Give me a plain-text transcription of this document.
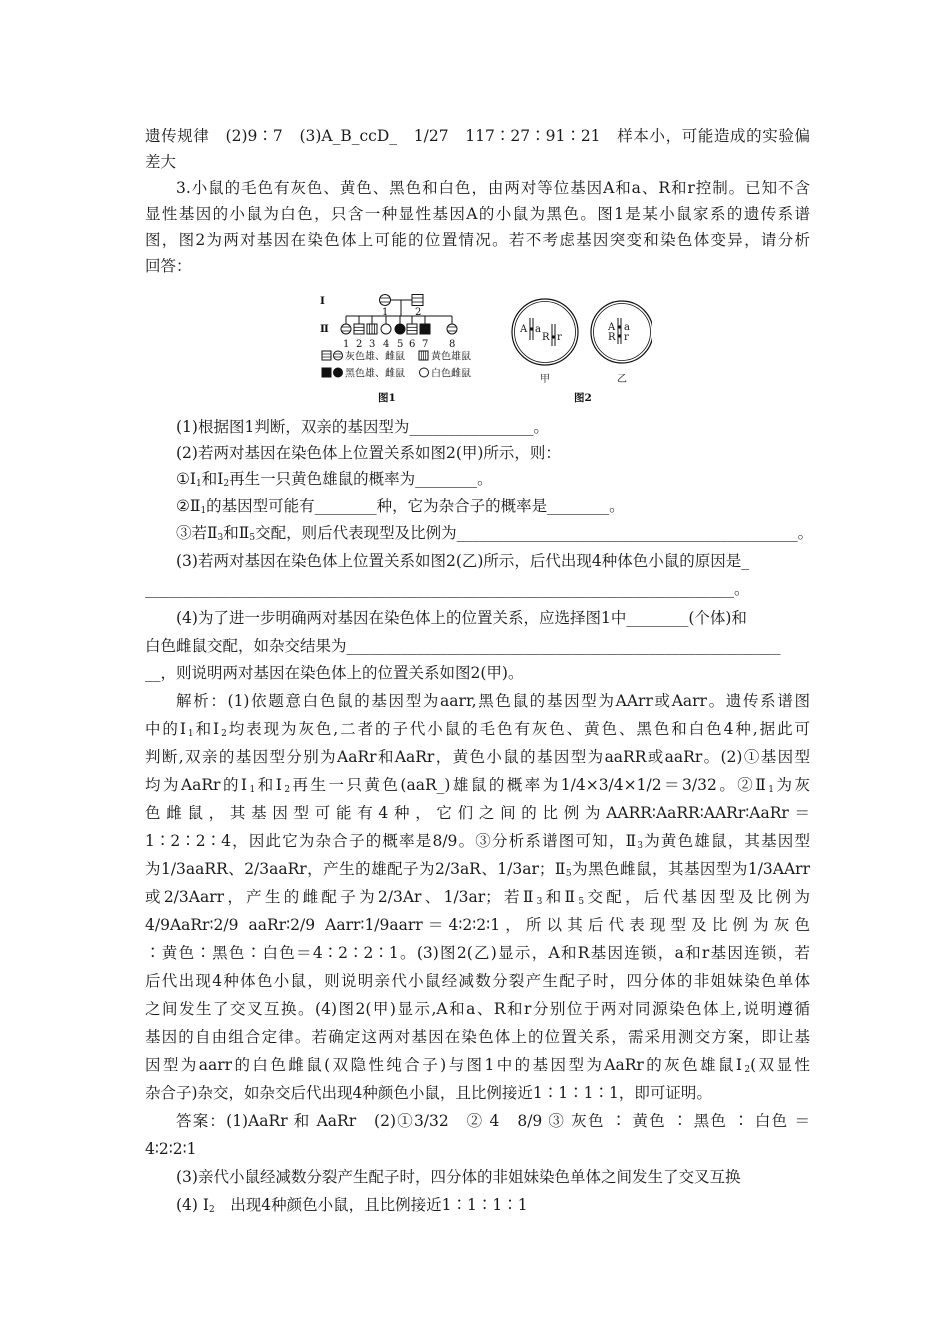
遗传规律　(2)9∶7　(3)A_B_ccD_　1/27　117∶27∶91∶21　样本小，可能造成的实验偏
差大
3.小鼠的毛色有灰色、黄色、黑色和白色，由两对等位基因A和a、R和r控制。已知不含
显性基因的小鼠为白色，只含一种显性基因A的小鼠为黑色。图1是某小鼠家系的遗传系谱
图，图2为两对基因在染色体上可能的位置情况。若不考虑基因突变和染色体变异，请分析
回答：
Ⅰ
Ⅱ
1	2
1 2 3 4 5 6 7 8
灰色雄、雌鼠	黄色雄鼠
黑色雄、雌鼠	白色雌鼠
图1
A a
R r
甲
A a
R r
乙
图2
(1)根据图1判断，双亲的基因型为________________。
(2)若两对基因在染色体上位置关系如图2(甲)所示，则：
$①Ⅰ_1$和$Ⅰ_2$再生一只黄色雄鼠的概率为________。
$②Ⅱ_1$的基因型可能有________种，它为杂合子的概率是________。
③若$Ⅱ_3$和$Ⅱ_5$交配，则后代表现型及比例为____________________________________________。
(3)若两对基因在染色体上位置关系如图2(乙)所示，后代出现4种体色小鼠的原因是_
____________________________________________________________________________。
(4)为了进一步明确两对基因在染色体上的位置关系，应选择图1中________(个体)和
白色雌鼠交配，如杂交结果为________________________________________________________
__，则说明两对基因在染色体上的位置关系如图2(甲)。
解析：(1)依题意白色鼠的基因型为aarr,黑色鼠的基因型为AArr或Aarr。遗传系谱图
中的$Ⅰ_1$和$Ⅰ_2$均表现为灰色,二者的子代小鼠的毛色有灰色、黄色、黑色和白色4种,据此可
判断,双亲的基因型分别为AaRr和AaRr，黄色小鼠的基因型为aaRR或aaRr。(2)①基因型
均为AaRr的$Ⅰ_1$和$Ⅰ_2$再生一只黄色(aaR_)雄鼠的概率为1/4×3/4×1/2＝3/32。$②Ⅱ_1$为灰
色雌鼠，其基因型可能有4种，它们之间的比例为AARR∶AaRR∶AARr∶AaRr＝
1∶2∶2∶4，因此它为杂合子的概率是8/9。③分析系谱图可知，$Ⅱ_3$为黄色雄鼠，其基因型
为1/3aaRR、2/3aaRr，产生的雄配子为2/3aR、1/3ar；$Ⅱ_5$为黑色雌鼠，其基因型为1/3AArr
或2/3Aarr，产生的雌配子为2/3Ar、1/3ar；若$Ⅱ_3$和$Ⅱ_5$交配，后代基因型及比例为
4/9AaRr∶2/9 aaRr∶2/9 Aarr∶1/9aarr＝4∶2∶2∶1，所以其后代表现型及比例为灰色
∶黄色∶黑色∶白色＝4∶2∶2∶1。(3)图2(乙)显示，A和R基因连锁，a和r基因连锁，若
后代出现4种体色小鼠，则说明亲代小鼠经减数分裂产生配子时，四分体的非姐妹染色单体
之间发生了交叉互换。(4)图2(甲)显示,A和a、R和r分别位于两对同源染色体上,说明遵循
基因的自由组合定律。若确定这两对基因在染色体上的位置关系，需采用测交方案，即让基
因型为aarr的白色雌鼠(双隐性纯合子)与图1中的基因型为AaRr的灰色雄鼠$Ⅰ_2$(双显性
杂合子)杂交，如杂交后代出现4种颜色小鼠，且比例接近1∶1∶1∶1，即可证明。
答案：(1)AaRr 和 AaRr　(2)①3/32　② 4　8/9 ③ 灰色 ∶ 黄色 ∶ 黑色 ∶ 白色 ＝
4∶2∶2∶1
(3)亲代小鼠经减数分裂产生配子时，四分体的非姐妹染色单体之间发生了交叉互换
(4) $Ⅰ_2$　出现4种颜色小鼠，且比例接近1∶1∶1∶1
